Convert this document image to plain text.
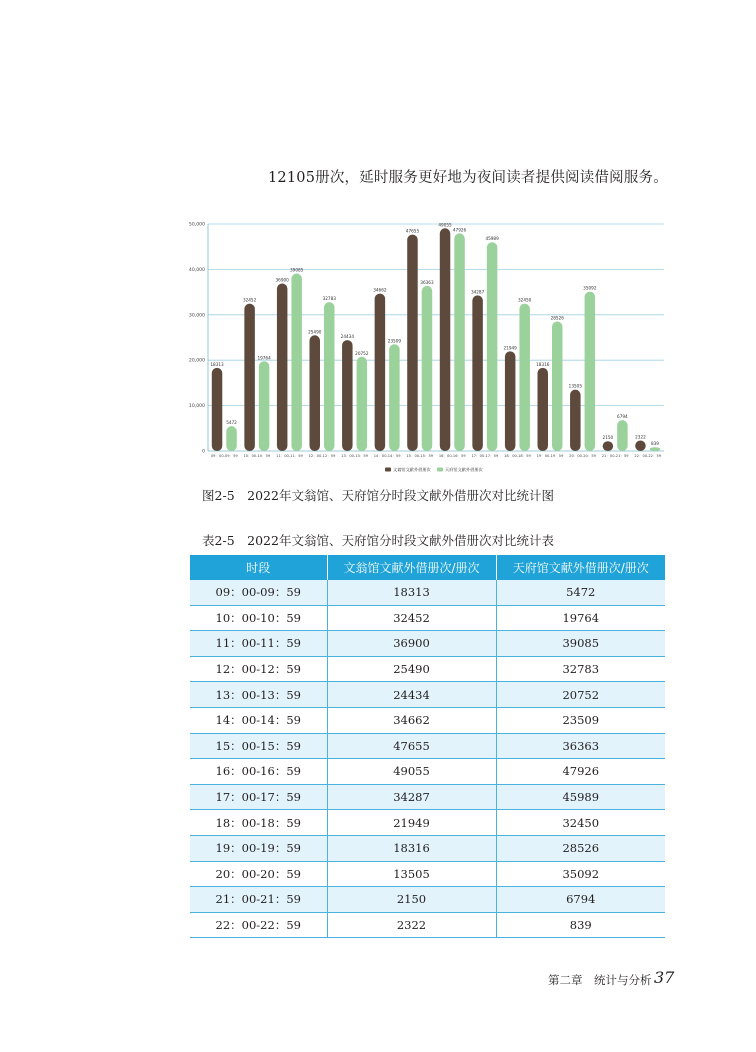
12105册次，延时服务更好地为夜间读者提供阅读借阅服务。
0
10,000
20,000
30,000
40,000
50,000
18313
5472
09：00-09：59
32452
19764
10：00-10：59
36900
39085
11：00-11：59
25490
32783
12：00-12：59
24434
20752
13：00-13：59
34662
23509
14：00-14：59
47655
36363
15：00-15：59
49055
47926
16：00-16：59
34287
45989
17：00-17：59
21949
32450
18：00-18：59
18316
28526
19：00-19：59
13505
35092
20：00-20：59
2150
6794
21：00-21：59
2322
839
22：00-22：59
文翁馆文献外借册次	天府馆文献外借册次
图2-5　2022年文翁馆、天府馆分时段文献外借册次对比统计图
表2-5　2022年文翁馆、天府馆分时段文献外借册次对比统计表
时段	文翁馆文献外借册次/册次	天府馆文献外借册次/册次
09：00-09：59	18313	5472
10：00-10：59	32452	19764
11：00-11：59	36900	39085
12：00-12：59	25490	32783
13：00-13：59	24434	20752
14：00-14：59	34662	23509
15：00-15：59	47655	36363
16：00-16：59	49055	47926
17：00-17：59	34287	45989
18：00-18：59	21949	32450
19：00-19：59	18316	28526
20：00-20：59	13505	35092
21：00-21：59	2150	6794
22：00-22：59	2322	839
第二章　统计与分析 37
